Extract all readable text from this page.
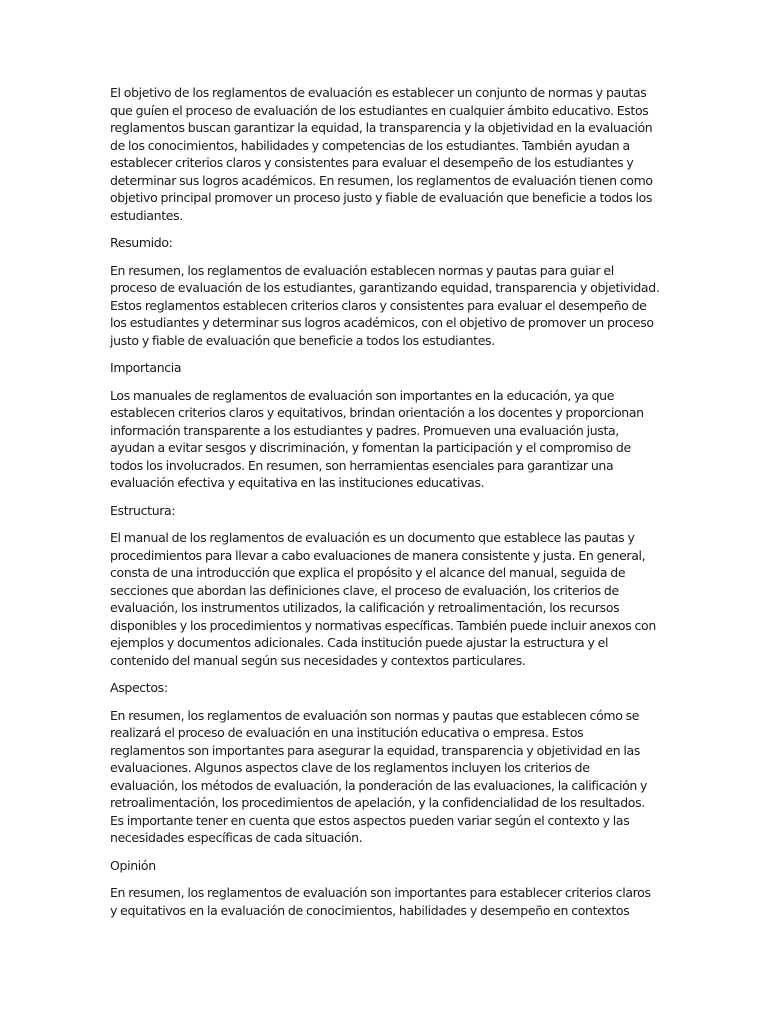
El objetivo de los reglamentos de evaluación es establecer un conjunto de normas y pautas que guíen el proceso de evaluación de los estudiantes en cualquier ámbito educativo. Estos reglamentos buscan garantizar la equidad, la transparencia y la objetividad en la evaluación de los conocimientos, habilidades y competencias de los estudiantes. También ayudan a establecer criterios claros y consistentes para evaluar el desempeño de los estudiantes y determinar sus logros académicos. En resumen, los reglamentos de evaluación tienen como objetivo principal promover un proceso justo y fiable de evaluación que beneficie a todos los estudiantes.

Resumido:

En resumen, los reglamentos de evaluación establecen normas y pautas para guiar el proceso de evaluación de los estudiantes, garantizando equidad, transparencia y objetividad. Estos reglamentos establecen criterios claros y consistentes para evaluar el desempeño de los estudiantes y determinar sus logros académicos, con el objetivo de promover un proceso justo y fiable de evaluación que beneficie a todos los estudiantes.

Importancia

Los manuales de reglamentos de evaluación son importantes en la educación, ya que establecen criterios claros y equitativos, brindan orientación a los docentes y proporcionan información transparente a los estudiantes y padres. Promueven una evaluación justa, ayudan a evitar sesgos y discriminación, y fomentan la participación y el compromiso de todos los involucrados. En resumen, son herramientas esenciales para garantizar una evaluación efectiva y equitativa en las instituciones educativas.

Estructura:

El manual de los reglamentos de evaluación es un documento que establece las pautas y procedimientos para llevar a cabo evaluaciones de manera consistente y justa. En general, consta de una introducción que explica el propósito y el alcance del manual, seguida de secciones que abordan las definiciones clave, el proceso de evaluación, los criterios de evaluación, los instrumentos utilizados, la calificación y retroalimentación, los recursos disponibles y los procedimientos y normativas específicas. También puede incluir anexos con ejemplos y documentos adicionales. Cada institución puede ajustar la estructura y el contenido del manual según sus necesidades y contextos particulares.

Aspectos:

En resumen, los reglamentos de evaluación son normas y pautas que establecen cómo se realizará el proceso de evaluación en una institución educativa o empresa. Estos reglamentos son importantes para asegurar la equidad, transparencia y objetividad en las evaluaciones. Algunos aspectos clave de los reglamentos incluyen los criterios de evaluación, los métodos de evaluación, la ponderación de las evaluaciones, la calificación y retroalimentación, los procedimientos de apelación, y la confidencialidad de los resultados. Es importante tener en cuenta que estos aspectos pueden variar según el contexto y las necesidades específicas de cada situación.

Opinión

En resumen, los reglamentos de evaluación son importantes para establecer criterios claros y equitativos en la evaluación de conocimientos, habilidades y desempeño en contextos
